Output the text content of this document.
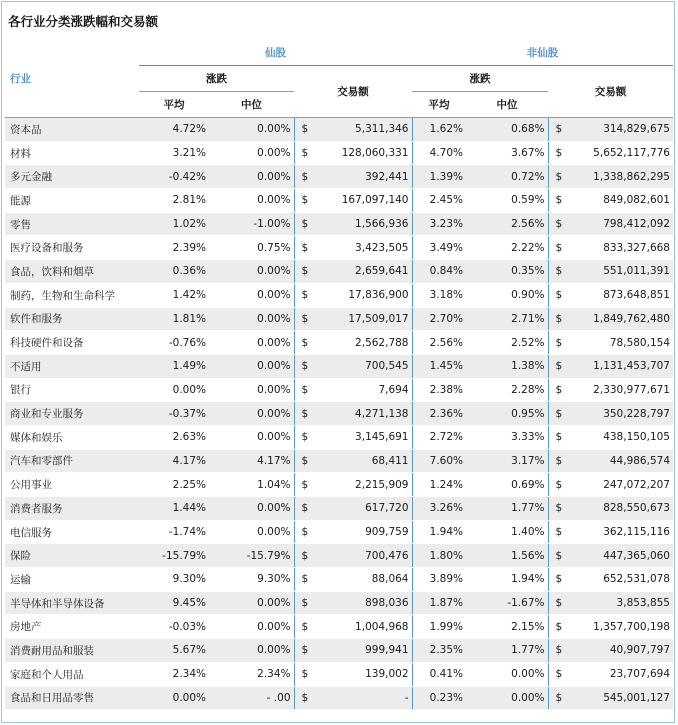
各行业分类涨跌幅和交易额
行业	仙股				非仙股			
	涨跌		交易额		涨跌		交易额	
	平均	中位			平均	中位		
资本品	4.72%	0.00%	$	5,311,346	1.62%	0.68%	$	314,829,675
材料	3.21%	0.00%	$	128,060,331	4.70%	3.67%	$	5,652,117,776
多元金融	-0.42%	0.00%	$	392,441	1.39%	0.72%	$	1,338,862,295
能源	2.81%	0.00%	$	167,097,140	2.45%	0.59%	$	849,082,601
零售	1.02%	-1.00%	$	1,566,936	3.23%	2.56%	$	798,412,092
医疗设备和服务	2.39%	0.75%	$	3,423,505	3.49%	2.22%	$	833,327,668
食品，饮料和烟草	0.36%	0.00%	$	2,659,641	0.84%	0.35%	$	551,011,391
制药，生物和生命科学	1.42%	0.00%	$	17,836,900	3.18%	0.90%	$	873,648,851
软件和服务	1.81%	0.00%	$	17,509,017	2.70%	2.71%	$	1,849,762,480
科技硬件和设备	-0.76%	0.00%	$	2,562,788	2.56%	2.52%	$	78,580,154
不适用	1.49%	0.00%	$	700,545	1.45%	1.38%	$	1,131,453,707
银行	0.00%	0.00%	$	7,694	2.38%	2.28%	$	2,330,977,671
商业和专业服务	-0.37%	0.00%	$	4,271,138	2.36%	0.95%	$	350,228,797
媒体和娱乐	2.63%	0.00%	$	3,145,691	2.72%	3.33%	$	438,150,105
汽车和零部件	4.17%	4.17%	$	68,411	7.60%	3.17%	$	44,986,574
公用事业	2.25%	1.04%	$	2,215,909	1.24%	0.69%	$	247,072,207
消费者服务	1.44%	0.00%	$	617,720	3.26%	1.77%	$	828,550,673
电信服务	-1.74%	0.00%	$	909,759	1.94%	1.40%	$	362,115,116
保险	-15.79%	-15.79%	$	700,476	1.80%	1.56%	$	447,365,060
运输	9.30%	9.30%	$	88,064	3.89%	1.94%	$	652,531,078
半导体和半导体设备	9.45%	0.00%	$	898,036	1.87%	-1.67%	$	3,853,855
房地产	-0.03%	0.00%	$	1,004,968	1.99%	2.15%	$	1,357,700,198
消费耐用品和服装	5.67%	0.00%	$	999,941	2.35%	1.77%	$	40,907,797
家庭和个人用品	2.34%	2.34%	$	139,002	0.41%	0.00%	$	23,707,694
食品和日用品零售	0.00%	- .00	$	-	0.23%	0.00%	$	545,001,127
